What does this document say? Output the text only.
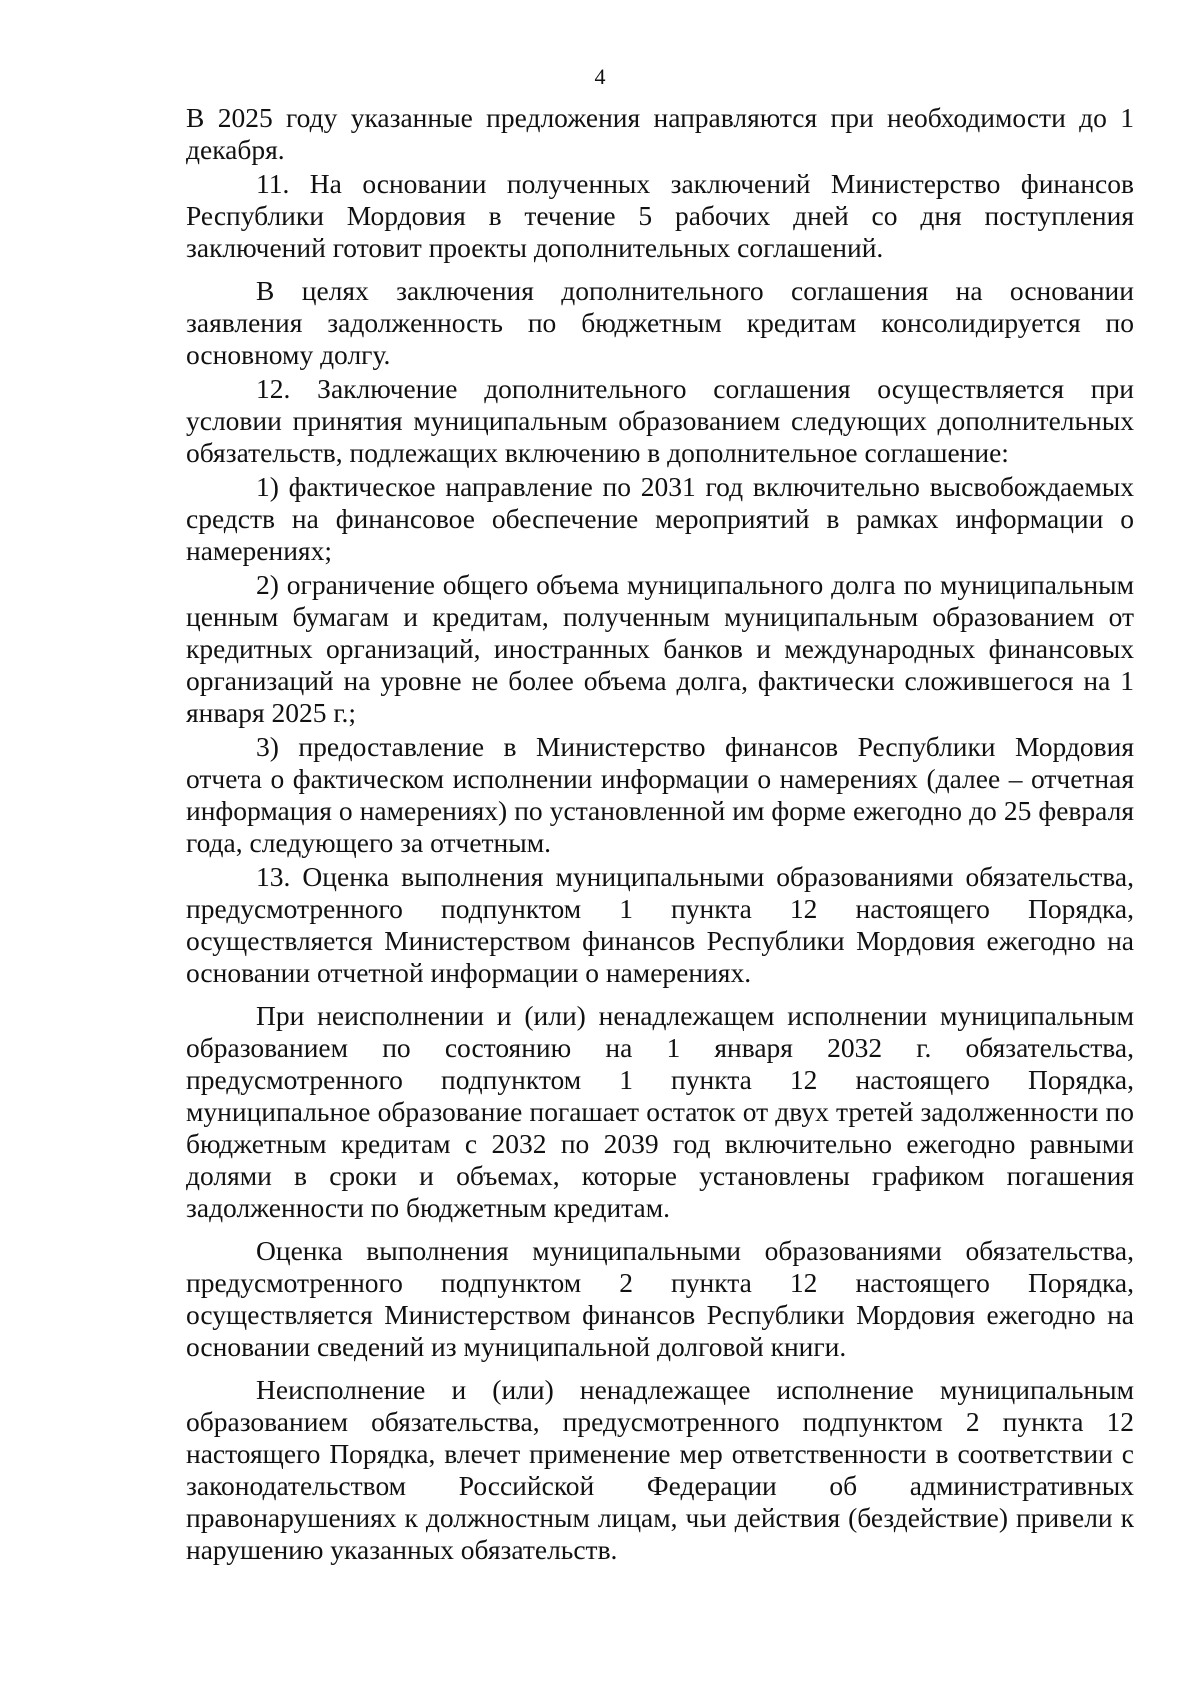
4

В 2025 году указанные предложения направляются при необходимости до 1 декабря.

11. На основании полученных заключений Министерство финансов Республики Мордовия в течение 5 рабочих дней со дня поступления заключений готовит проекты дополнительных соглашений.

В целях заключения дополнительного соглашения на основании заявления задолженность по бюджетным кредитам консолидируется по основному долгу.

12. Заключение дополнительного соглашения осуществляется при условии принятия муниципальным образованием следующих дополнительных обязательств, подлежащих включению в дополнительное соглашение:

1) фактическое направление по 2031 год включительно высвобождаемых средств на финансовое обеспечение мероприятий в рамках информации о намерениях;

2) ограничение общего объема муниципального долга по муниципальным ценным бумагам и кредитам, полученным муниципальным образованием от кредитных организаций, иностранных банков и международных финансовых организаций на уровне не более объема долга, фактически сложившегося на 1 января 2025 г.;

3) предоставление в Министерство финансов Республики Мордовия отчета о фактическом исполнении информации о намерениях (далее – отчетная информация о намерениях) по установленной им форме ежегодно до 25 февраля года, следующего за отчетным.

13. Оценка выполнения муниципальными образованиями обязательства, предусмотренного подпунктом 1 пункта 12 настоящего Порядка, осуществляется Министерством финансов Республики Мордовия ежегодно на основании отчетной информации о намерениях.

При неисполнении и (или) ненадлежащем исполнении муниципальным образованием по состоянию на 1 января 2032 г. обязательства, предусмотренного подпунктом 1 пункта 12 настоящего Порядка, муниципальное образование погашает остаток от двух третей задолженности по бюджетным кредитам с 2032 по 2039 год включительно ежегодно равными долями в сроки и объемах, которые установлены графиком погашения задолженности по бюджетным кредитам.

Оценка выполнения муниципальными образованиями обязательства, предусмотренного подпунктом 2 пункта 12 настоящего Порядка, осуществляется Министерством финансов Республики Мордовия ежегодно на основании сведений из муниципальной долговой книги.

Неисполнение и (или) ненадлежащее исполнение муниципальным образованием обязательства, предусмотренного подпунктом 2 пункта 12 настоящего Порядка, влечет применение мер ответственности в соответствии с законодательством Российской Федерации об административных правонарушениях к должностным лицам, чьи действия (бездействие) привели к нарушению указанных обязательств.
